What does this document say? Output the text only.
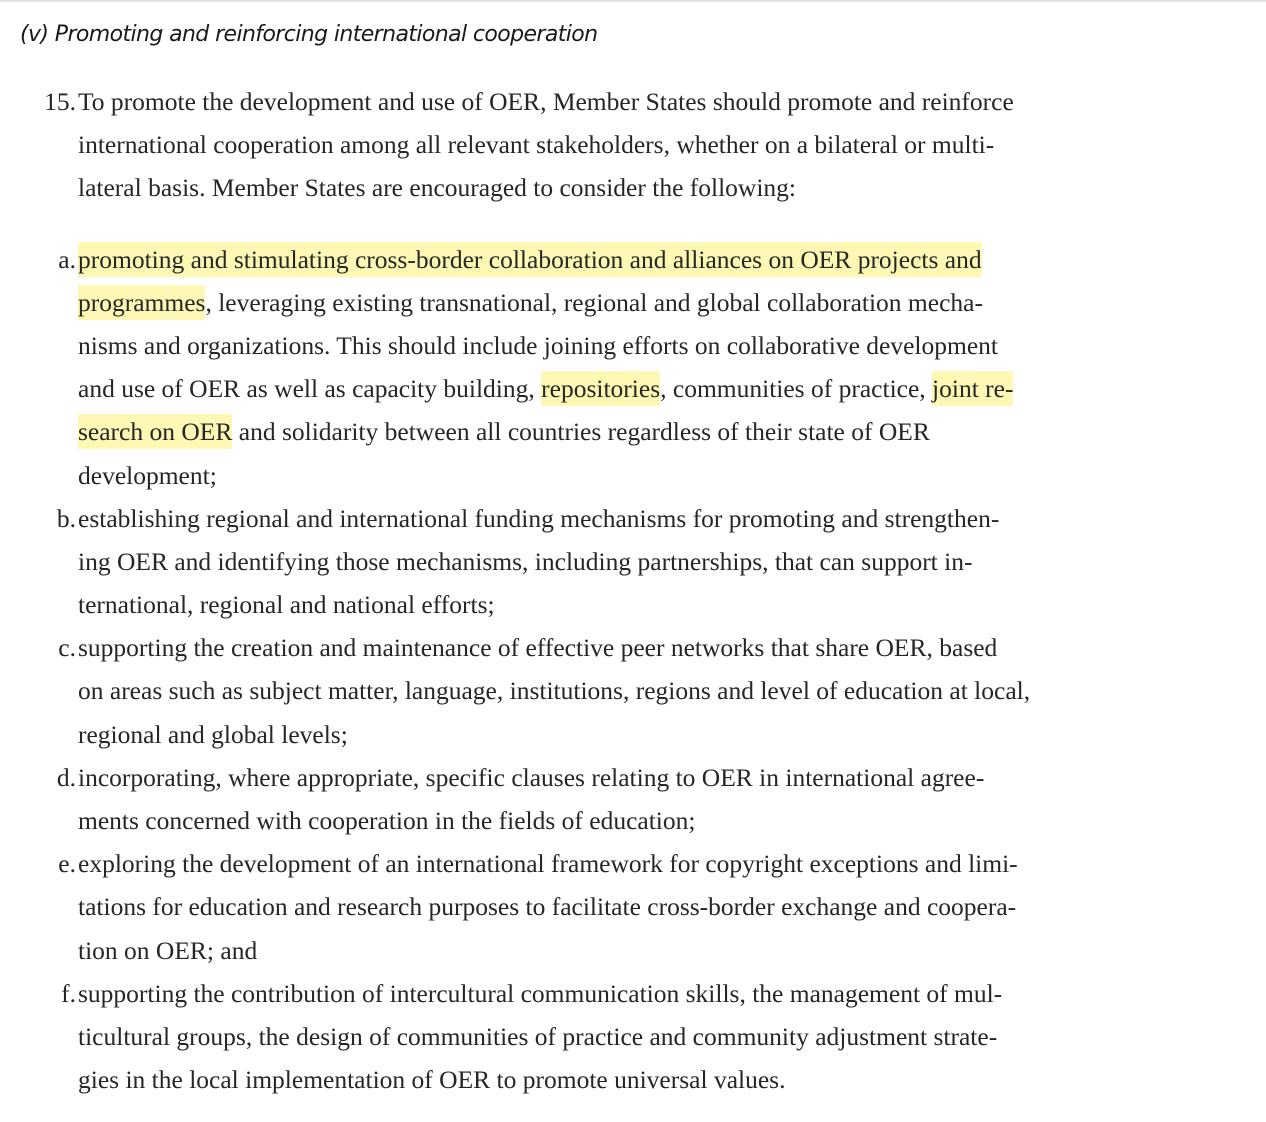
(v) Promoting and reinforcing international cooperation
15. To promote the development and use of OER, Member States should promote and reinforce
international cooperation among all relevant stakeholders, whether on a bilateral or multi-
lateral basis. Member States are encouraged to consider the following:
a. promoting and stimulating cross-border collaboration and alliances on OER projects and
programmes, leveraging existing transnational, regional and global collaboration mecha-
nisms and organizations. This should include joining efforts on collaborative development
and use of OER as well as capacity building, repositories, communities of practice, joint re-
search on OER and solidarity between all countries regardless of their state of OER
development;
b. establishing regional and international funding mechanisms for promoting and strengthen-
ing OER and identifying those mechanisms, including partnerships, that can support in-
ternational, regional and national efforts;
c. supporting the creation and maintenance of effective peer networks that share OER, based
on areas such as subject matter, language, institutions, regions and level of education at local,
regional and global levels;
d. incorporating, where appropriate, specific clauses relating to OER in international agree-
ments concerned with cooperation in the fields of education;
e. exploring the development of an international framework for copyright exceptions and limi-
tations for education and research purposes to facilitate cross-border exchange and coopera-
tion on OER; and
f. supporting the contribution of intercultural communication skills, the management of mul-
ticultural groups, the design of communities of practice and community adjustment strate-
gies in the local implementation of OER to promote universal values.
